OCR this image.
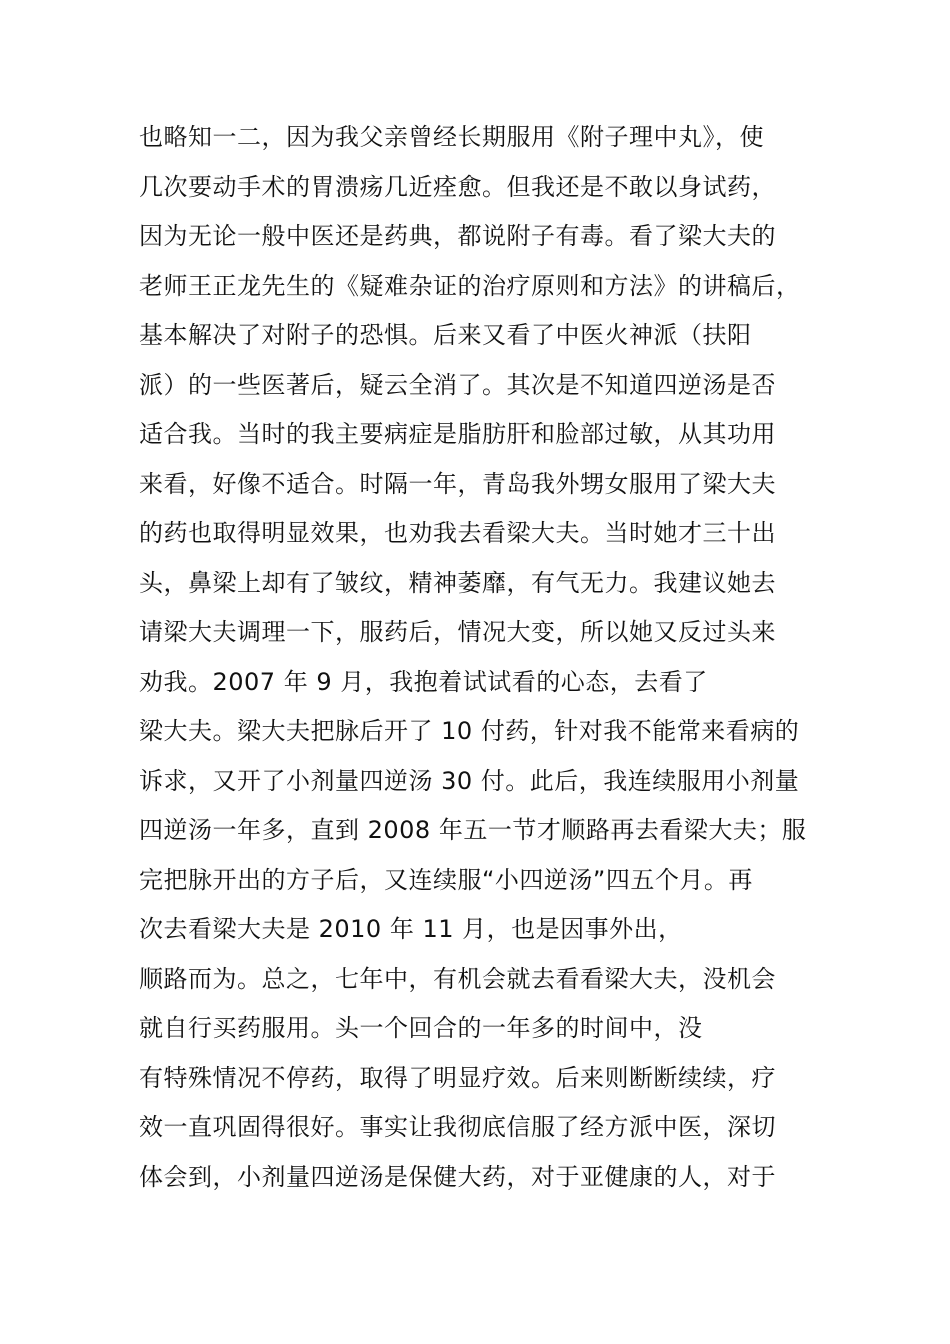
也略知一二，因为我父亲曾经长期服用《附子理中丸》，使
几次要动手术的胃溃疡几近痊愈。但我还是不敢以身试药，
因为无论一般中医还是药典，都说附子有毒。看了梁大夫的
老师王正龙先生的《疑难杂证的治疗原则和方法》的讲稿后，
基本解决了对附子的恐惧。后来又看了中医火神派（扶阳
派）的一些医著后，疑云全消了。其次是不知道四逆汤是否
适合我。当时的我主要病症是脂肪肝和脸部过敏，从其功用
来看，好像不适合。时隔一年，青岛我外甥女服用了梁大夫
的药也取得明显效果，也劝我去看梁大夫。当时她才三十出
头，鼻梁上却有了皱纹，精神萎靡，有气无力。我建议她去
请梁大夫调理一下，服药后，情况大变，所以她又反过头来
劝我。2007 年 9 月，我抱着试试看的心态，去看了
梁大夫。梁大夫把脉后开了 10 付药，针对我不能常来看病的
诉求，又开了小剂量四逆汤 30 付。此后，我连续服用小剂量
四逆汤一年多，直到 2008 年五一节才顺路再去看梁大夫；服
完把脉开出的方子后，又连续服“小四逆汤”四五个月。再
次去看梁大夫是 2010 年 11 月，也是因事外出，
顺路而为。总之，七年中，有机会就去看看梁大夫，没机会
就自行买药服用。头一个回合的一年多的时间中，没
有特殊情况不停药，取得了明显疗效。后来则断断续续，疗
效一直巩固得很好。事实让我彻底信服了经方派中医，深切
体会到，小剂量四逆汤是保健大药，对于亚健康的人，对于
